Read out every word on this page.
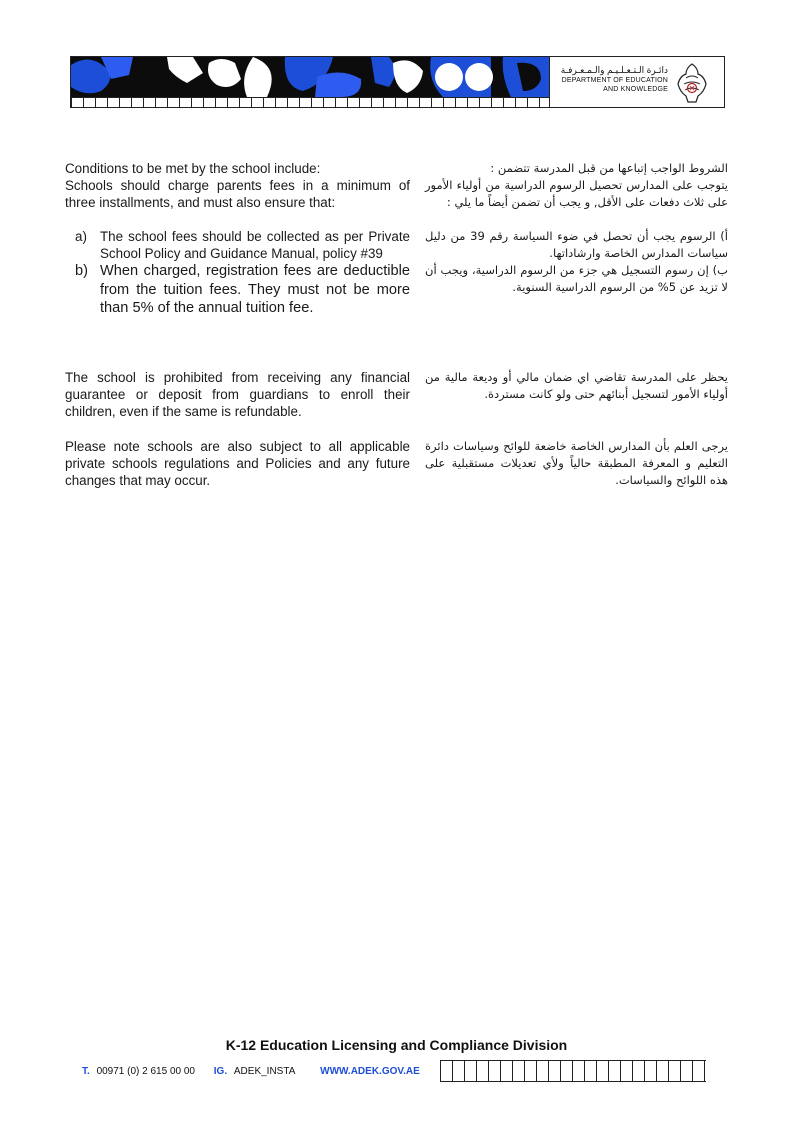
دائـرة الـتـعـلـيـم والـمـعـرفـة
DEPARTMENT OF EDUCATION
AND KNOWLEDGE

Conditions to be met by the school include:

Schools should charge parents fees in a minimum of three installments, and must also ensure that:

a) The school fees should be collected as per Private School Policy and Guidance Manual, policy #39
b) When charged, registration fees are deductible from the tuition fees. They must not be more than 5% of the annual tuition fee.

The school is prohibited from receiving any financial guarantee or deposit from guardians to enroll their children, even if the same is refundable.

Please note schools are also subject to all applicable private schools regulations and Policies and any future changes that may occur.

الشروط الواجب إتباعها من قبل المدرسة تتضمن :

يتوجب على المدارس تحصيل الرسوم الدراسية من أولياء الأمور على ثلاث دفعات على الأقل, و يجب أن تضمن أيضاً ما يلي :

أ) الرسوم يجب أن تحصل في ضوء السياسة رقم 39 من دليل سياسات المدارس الخاصة وارشاداتها.

ب) إن رسوم التسجيل هي جزء من الرسوم الدراسية، ويجب أن لا تزيد عن 5% من الرسوم الدراسية السنوية.

يحظر على المدرسة تقاضي اي ضمان مالي أو وديعة مالية من أولياء الأمور لتسجيل أبنائهم حتى ولو كانت مستردة.

يرجى العلم بأن المدارس الخاصة خاضعة للوائح وسياسات دائرة التعليم و المعرفة المطبقة حالياً ولأي تعديلات مستقبلية على هذه اللوائح والسياسات.

K-12 Education Licensing and Compliance Division
T. 00971 (0) 2 615 00 00 IG. ADEK_INSTA WWW.ADEK.GOV.AE
